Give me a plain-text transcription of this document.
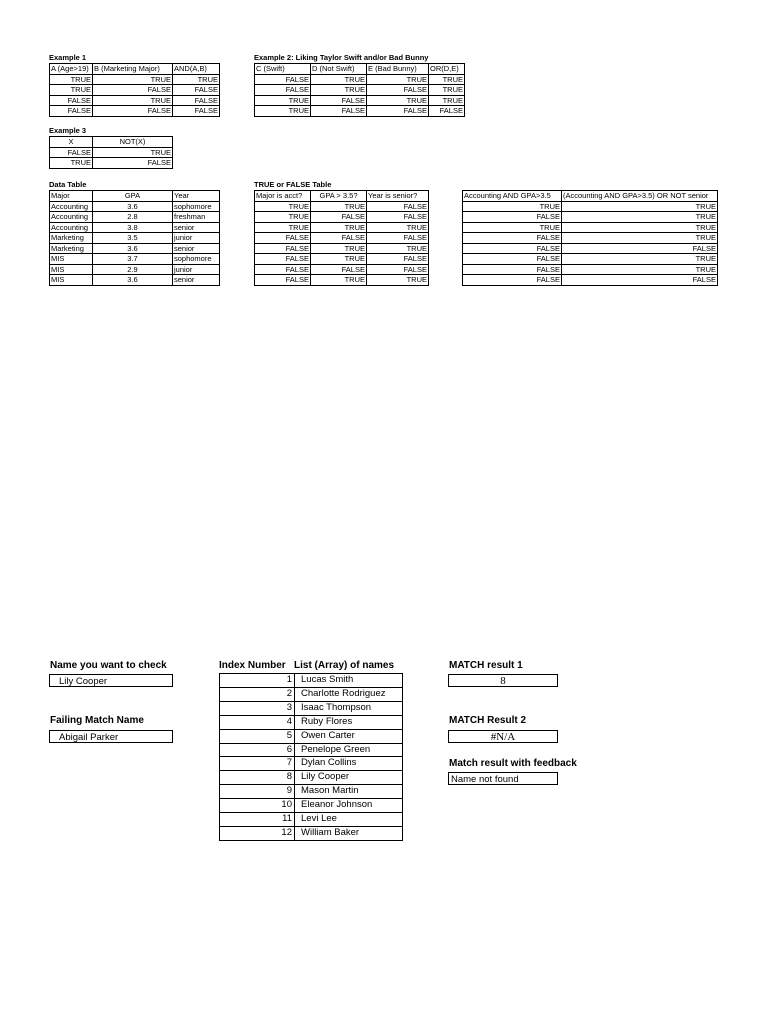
Example 1
A (Age>19)	B (Marketing Major)	AND(A,B)
TRUE	TRUE	TRUE
TRUE	FALSE	FALSE
FALSE	TRUE	FALSE
FALSE	FALSE	FALSE
Example 2: Liking Taylor Swift and/or Bad Bunny
C (Swift)	D (Not Swift)	E (Bad Bunny)	OR(D,E)
FALSE	TRUE	TRUE	TRUE
FALSE	TRUE	FALSE	TRUE
TRUE	FALSE	TRUE	TRUE
TRUE	FALSE	FALSE	FALSE
Example 3
X	NOT(X)
FALSE	TRUE
TRUE	FALSE
Data Table
Major	GPA	Year
Accounting	3.6	sophomore
Accounting	2.8	freshman
Accounting	3.8	senior
Marketing	3.5	junior
Marketing	3.6	senior
MIS	3.7	sophomore
MIS	2.9	junior
MIS	3.6	senior
TRUE or FALSE Table
Major is acct?	GPA > 3.5?	Year is senior?
TRUE	TRUE	FALSE
TRUE	FALSE	FALSE
TRUE	TRUE	TRUE
FALSE	FALSE	FALSE
FALSE	TRUE	TRUE
FALSE	TRUE	FALSE
FALSE	FALSE	FALSE
FALSE	TRUE	TRUE
Accounting AND GPA>3.5	(Accounting AND GPA>3.5) OR NOT senior
TRUE	TRUE
FALSE	TRUE
TRUE	TRUE
FALSE	TRUE
FALSE	FALSE
FALSE	TRUE
FALSE	TRUE
FALSE	FALSE
Name you want to check
Lily Cooper
Failing Match Name
Abigail Parker
Index Number List (Array) of names
1	Lucas Smith
2	Charlotte Rodriguez
3	Isaac Thompson
4	Ruby Flores
5	Owen Carter
6	Penelope Green
7	Dylan Collins
8	Lily Cooper
9	Mason Martin
10	Eleanor Johnson
11	Levi Lee
12	William Baker
MATCH result 1
8
MATCH Result 2
#N/A
Match result with feedback
Name not found
